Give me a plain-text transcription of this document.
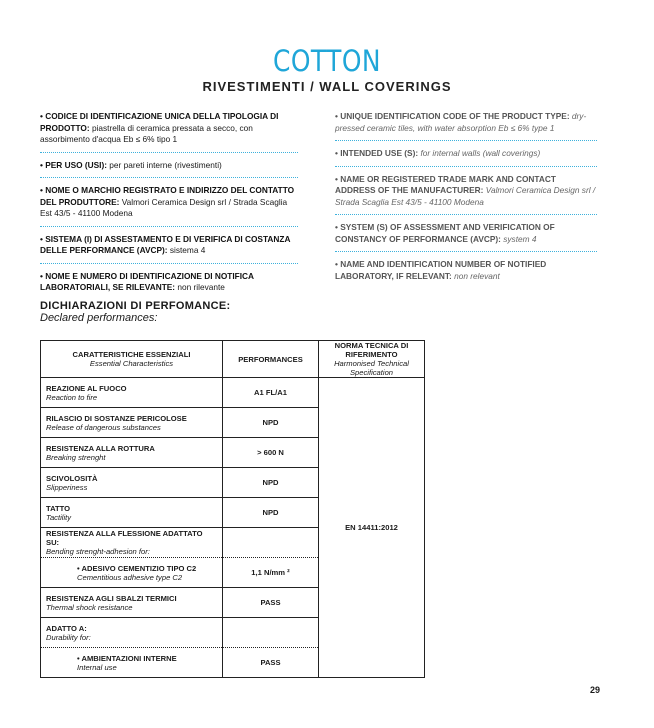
COTTON
RIVESTIMENTI / WALL COVERINGS
• CODICE DI IDENTIFICAZIONE UNICA DELLA TIPOLOGIA DI PRODOTTO: piastrella di ceramica pressata a secco, con assorbimento d'acqua Eb ≤ 6% tipo 1
• PER USO (USI): per pareti interne (rivestimenti)
• NOME O MARCHIO REGISTRATO E INDIRIZZO DEL CONTATTO DEL PRODUTTORE: Valmori Ceramica Design srl / Strada Scaglia Est 43/5 - 41100 Modena
• SISTEMA (I) DI ASSESTAMENTO E DI VERIFICA DI COSTANZA DELLE PERFORMANCE (AVCP): sistema 4
• NOME E NUMERO DI IDENTIFICAZIONE DI NOTIFICA LABORATORIALI, SE RILEVANTE: non rilevante
• UNIQUE IDENTIFICATION CODE OF THE PRODUCT TYPE: dry-pressed ceramic tiles, with water absorption Eb ≤ 6% type 1
• INTENDED USE (S): for internal walls (wall coverings)
• NAME OR REGISTERED TRADE MARK AND CONTACT ADDRESS OF THE MANUFACTURER: Valmori Ceramica Design srl / Strada Scaglia Est 43/5 - 41100 Modena
• SYSTEM (S) OF ASSESSMENT AND VERIFICATION OF CONSTANCY OF PERFORMANCE (AVCP): system 4
• NAME AND IDENTIFICATION NUMBER OF NOTIFIED LABORATORY, IF RELEVANT: non relevant
DICHIARAZIONI DI PERFOMANCE:
Declared performances:
CARATTERISTICHE ESSENZIALI
Essential Characteristics	PERFORMANCES	NORMA TECNICA DI RIFERIMENTO
Harmonised Technical Specification

REAZIONE AL FUOCO
Reaction to fire	A1 FL/A1	EN 14411:2012

RILASCIO DI SOSTANZE PERICOLOSE
Release of dangerous substances	NPD	

RESISTENZA ALLA ROTTURA
Breaking strenght	> 600 N	

SCIVOLOSITÀ
Slipperiness	NPD	

TATTO
Tactility	NPD	

RESISTENZA ALLA FLESSIONE ADATTATO SU:
Bending strenght-adhesion for:		

• ADESIVO CEMENTIZIO TIPO C2
Cementitious adhesive type C2	1,1 N/mm ²	

RESISTENZA AGLI SBALZI TERMICI
Thermal shock resistance	PASS	

ADATTO A:
Durability for:		

• AMBIENTAZIONI INTERNE
Internal use	PASS	
29
